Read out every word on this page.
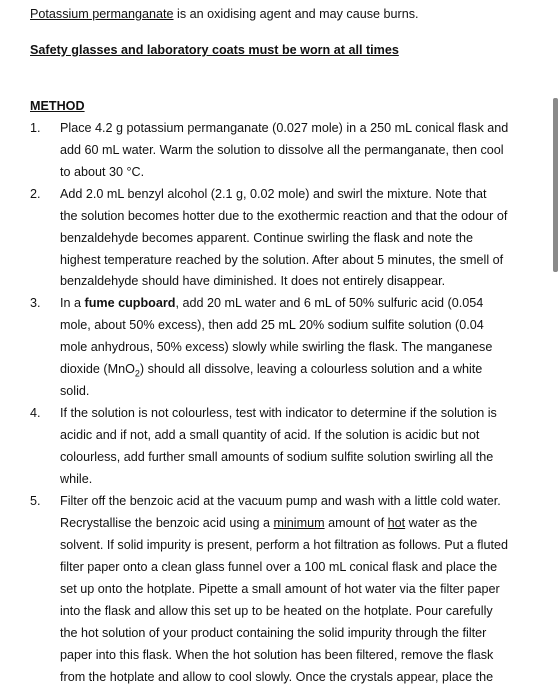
Potassium permanganate is an oxidising agent and may cause burns.
Safety glasses and laboratory coats must be worn at all times
METHOD
1. Place 4.2 g potassium permanganate (0.027 mole) in a 250 mL conical flask and
add 60 mL water. Warm the solution to dissolve all the permanganate, then cool
to about 30 °C.
2. Add 2.0 mL benzyl alcohol (2.1 g, 0.02 mole) and swirl the mixture. Note that
the solution becomes hotter due to the exothermic reaction and that the odour of
benzaldehyde becomes apparent. Continue swirling the flask and note the
highest temperature reached by the solution. After about 5 minutes, the smell of
benzaldehyde should have diminished. It does not entirely disappear.
3. In a fume cupboard, add 20 mL water and 6 mL of 50% sulfuric acid (0.054
mole, about 50% excess), then add 25 mL 20% sodium sulfite solution (0.04
mole anhydrous, 50% excess) slowly while swirling the flask. The manganese
dioxide (MnO$_2$) should all dissolve, leaving a colourless solution and a white
solid.
4. If the solution is not colourless, test with indicator to determine if the solution is
acidic and if not, add a small quantity of acid. If the solution is acidic but not
colourless, add further small amounts of sodium sulfite solution swirling all the
while.
5. Filter off the benzoic acid at the vacuum pump and wash with a little cold water.
Recrystallise the benzoic acid using a minimum amount of hot water as the
solvent. If solid impurity is present, perform a hot filtration as follows. Put a fluted
filter paper onto a clean glass funnel over a 100 mL conical flask and place the
set up onto the hotplate. Pipette a small amount of hot water via the filter paper
into the flask and allow this set up to be heated on the hotplate. Pour carefully
the hot solution of your product containing the solid impurity through the filter
paper into this flask. When the hot solution has been filtered, remove the flask
from the hotplate and allow to cool slowly. Once the crystals appear, place the
